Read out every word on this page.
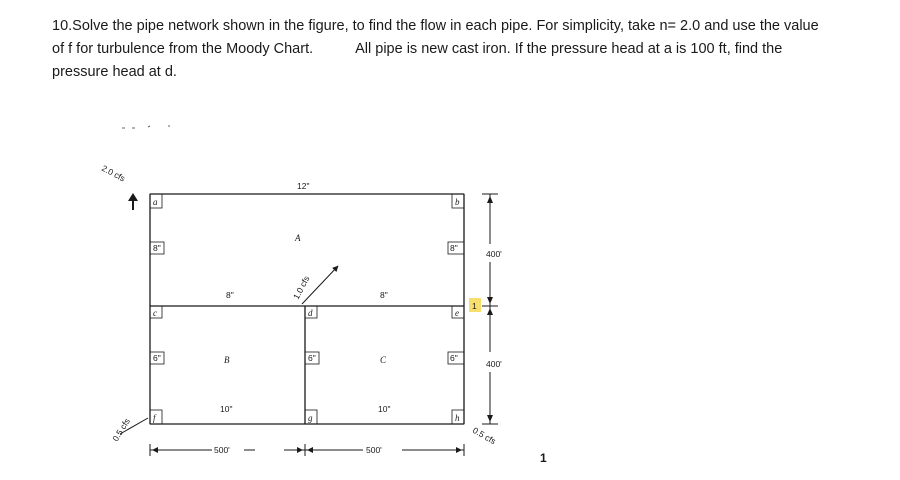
10.Solve the pipe network shown in the figure, to find the flow in each pipe. For simplicity, take n= 2.0 and use the value
of f for turbulence from the Moody Chart.	All pipe is new cast iron. If the pressure head at a is 100 ft, find the
pressure head at d.
a	b
c	d	e
f	g	h
A
B	C
12"
8"	8"
8"	8"
6"	6"	6"
10"	10"
2.0 cfs
1.0 cfs
0.5 cfs	0.5 cfs
500'	500'
400'
400'
1
1
